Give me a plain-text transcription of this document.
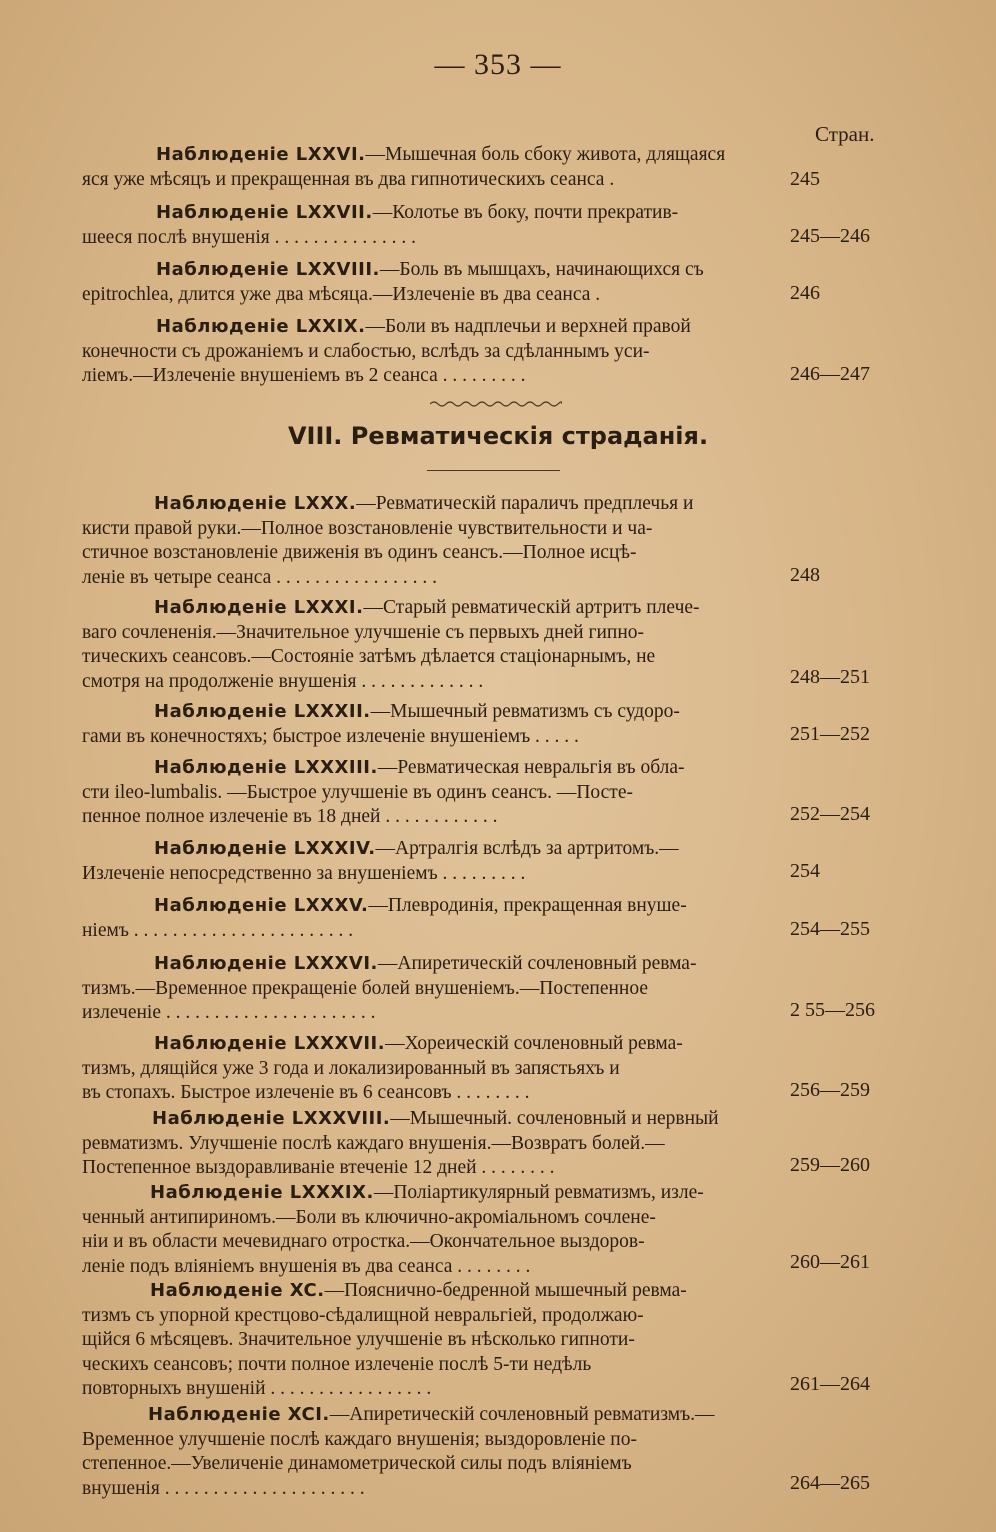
— 353 —
Стран.
Наблюденіе LXXVI.—Мышечная боль сбоку живота, длящаяся
яся уже мѣсяцъ и прекращенная въ два гипнотическихъ сеанса .	245
Наблюденіе LXXVII.—Колотье въ боку, почти прекратив-
шееся послѣ внушенія . . . . . . . . . . . . . . .	245—246
Наблюденіе LXXVIII.—Боль въ мышцахъ, начинающихся съ
epitrochlea, длится уже два мѣсяца.—Излеченіе въ два сеанса .	246
Наблюденіе LXXIX.—Боли въ надплечьи и верхней правой
конечности съ дрожаніемъ и слабостью, вслѣдъ за сдѣланнымъ уси-
ліемъ.—Излеченіе внушеніемъ въ 2 сеанса . . . . . . . . .	246—247
VIII. Ревматическія страданія.
Наблюденіе LXXX.—Ревматическій параличъ предплечья и
кисти правой руки.—Полное возстановленіе чувствительности и ча-
стичное возстановленіе движенія въ одинъ сеансъ.—Полное исцѣ-
леніе въ четыре сеанса . . . . . . . . . . . . . . . . .	248
Наблюденіе LXXXI.—Старый ревматическій артритъ плече-
ваго сочлененія.—Значительное улучшеніе съ первыхъ дней гипно-
тическихъ сеансовъ.—Состояніе затѣмъ дѣлается стаціонарнымъ, не
смотря на продолженіе внушенія . . . . . . . . . . . . .	248—251
Наблюденіе LXXXII.—Мышечный ревматизмъ съ судоро-
гами въ конечностяхъ; быстрое излеченіе внушеніемъ . . . . .	251—252
Наблюденіе LXXXIII.—Ревматическая невральгія въ обла-
сти ileo-lumbalis. —Быстрое улучшеніе въ одинъ сеансъ. —Посте-
пенное полное излеченіе въ 18 дней . . . . . . . . . . . .	252—254
Наблюденіе LXXXIV.—Артралгія вслѣдъ за артритомъ.—
Излеченіе непосредственно за внушеніемъ . . . . . . . . .	254
Наблюденіе LXXXV.—Плевродинія, прекращенная внуше-
ніемъ . . . . . . . . . . . . . . . . . . . . . . .	254—255
Наблюденіе LXXXVI.—Апиретическій сочленовный ревма-
тизмъ.—Временное прекращеніе болей внушеніемъ.—Постепенное
излеченіе . . . . . . . . . . . . . . . . . . . . . .	2 55—256
Наблюденіе LXXXVII.—Хореическій сочленовный ревма-
тизмъ, длящійся уже 3 года и локализированный въ запястьяхъ и
въ стопахъ. Быстрое излеченіе въ 6 сеансовъ . . . . . . . .	256—259
Наблюденіе LXXXVIII.—Мышечный. сочленовный и нервный
ревматизмъ. Улучшеніе послѣ каждаго внушенія.—Возвратъ болей.—
Постепенное выздоравливаніе втеченіе 12 дней . . . . . . . .	259—260
Наблюденіе LXXXIX.—Поліартикулярный ревматизмъ, изле-
ченный антипириномъ.—Боли въ ключично-акроміальномъ сочлене-
ніи и въ области мечевиднаго отростка.—Окончательное выздоров-
леніе подъ вліяніемъ внушенія въ два сеанса . . . . . . . .	260—261
Наблюденіе XC.—Поясничнo-бедренной мышечный ревма-
тизмъ съ упорной крестцово-сѣдалищной невральгіей, продолжаю-
щійся 6 мѣсяцевъ. Значительное улучшеніе въ нѣсколько гипноти-
ческихъ сеансовъ; почти полное излеченіе послѣ 5-ти недѣль
повторныхъ внушеній . . . . . . . . . . . . . . . . .	261—264
Наблюденіе XCI.—Апиретическій сочленовный ревматизмъ.—
Временное улучшеніе послѣ каждаго внушенія; выздоровленіе по-
степенное.—Увеличеніе динамометрической силы подъ вліяніемъ
внушенія . . . . . . . . . . . . . . . . . . . . .	264—265
